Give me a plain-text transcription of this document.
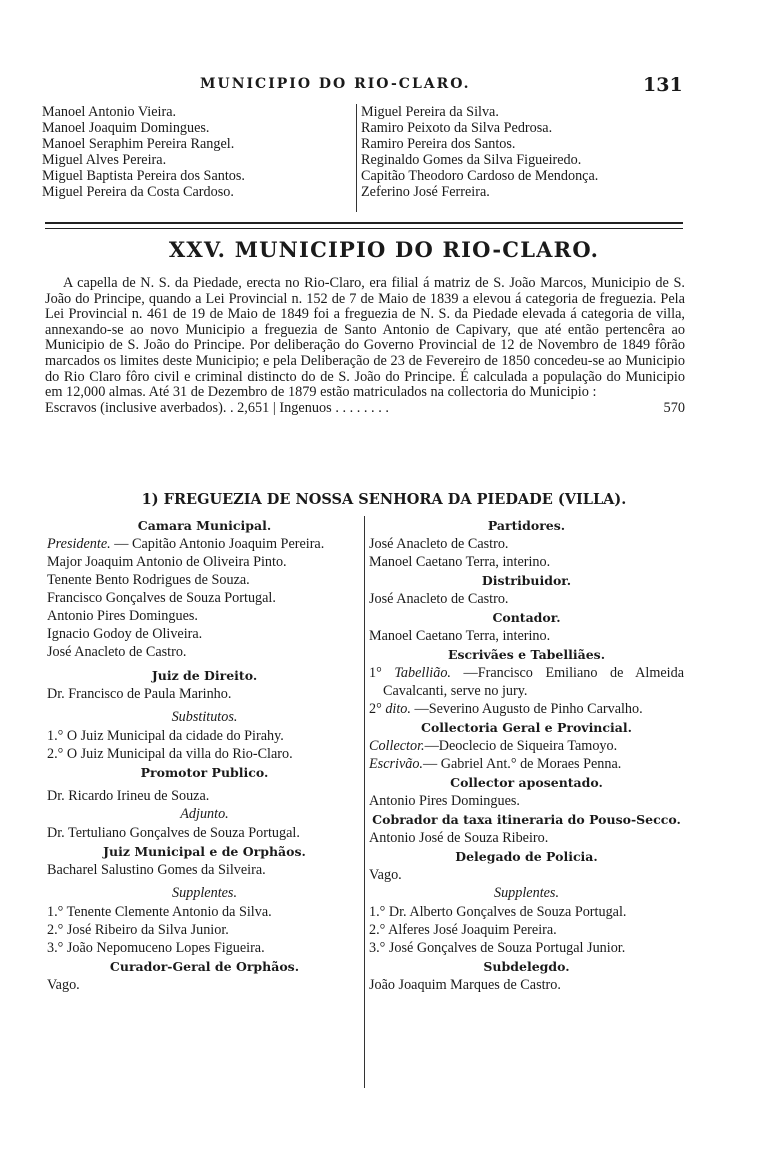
MUNICIPIO DO RIO-CLARO.	131
Manoel Antonio Vieira.
Manoel Joaquim Domingues.
Manoel Seraphim Pereira Rangel.
Miguel Alves Pereira.
Miguel Baptista Pereira dos Santos.
Miguel Pereira da Costa Cardoso.
Miguel Pereira da Silva.
Ramiro Peixoto da Silva Pedrosa.
Ramiro Pereira dos Santos.
Reginaldo Gomes da Silva Figueiredo.
Capitão Theodoro Cardoso de Mendonça.
Zeferino José Ferreira.
XXV. MUNICIPIO DO RIO-CLARO.

A capella de N. S. da Piedade, erecta no Rio-Claro, era filial á matriz de S. João Marcos, Municipio de S. João do Principe, quando a Lei Provincial n. 152 de 7 de Maio de 1839 a elevou á categoria de freguezia. Pela Lei Provincial n. 461 de 19 de Maio de 1849 foi a freguezia de N. S. da Piedade elevada á categoria de villa, annexando-se ao novo Municipio a freguezia de Santo Antonio de Capivary, que até então pertencêra ao Municipio de S. João do Principe. Por deliberação do Governo Provincial de 12 de Novembro de 1849 fôrão marcados os limites deste Municipio; e pela Deliberação de 23 de Fevereiro de 1850 concedeu-se ao Municipio do Rio Claro fôro civil e criminal distincto do de S. João do Principe. É calculada a população do Municipio em 12,000 almas. Até 31 de Dezembro de 1879 estão matriculados na collectoria do Municipio :

Escravos (inclusive averbados). . 2,651 | Ingenuos . . . . . . . .	570
1) FREGUEZIA DE NOSSA SENHORA DA PIEDADE (VILLA).
Camara Municipal.
Presidente. — Capitão Antonio Joaquim Pereira.
Major Joaquim Antonio de Oliveira Pinto.
Tenente Bento Rodrigues de Souza.
Francisco Gonçalves de Souza Portugal.
Antonio Pires Domingues.
Ignacio Godoy de Oliveira.
José Anacleto de Castro.
Juiz de Direito.
Dr. Francisco de Paula Marinho.
Substitutos.
1.° O Juiz Municipal da cidade do Pirahy.
2.° O Juiz Municipal da villa do Rio-Claro.
Promotor Publico.
Dr. Ricardo Irineu de Souza.
Adjunto.
Dr. Tertuliano Gonçalves de Souza Portugal.
Juiz Municipal e de Orphãos.
Bacharel Salustino Gomes da Silveira.
Supplentes.
1.° Tenente Clemente Antonio da Silva.
2.° José Ribeiro da Silva Junior.
3.° João Nepomuceno Lopes Figueira.
Curador-Geral de Orphãos.
Vago.
Partidores.
José Anacleto de Castro.
Manoel Caetano Terra, interino.
Distribuidor.
José Anacleto de Castro.
Contador.
Manoel Caetano Terra, interino.
Escrivães e Tabelliães.
1° Tabellião. —Francisco Emiliano de Almeida Cavalcanti, serve no jury.
2° dito. —Severino Augusto de Pinho Carvalho.
Collectoria Geral e Provincial.
Collector.—Deoclecio de Siqueira Tamoyo.
Escrivão.— Gabriel Ant.° de Moraes Penna.
Collector aposentado.
Antonio Pires Domingues.
Cobrador da taxa itineraria do Pouso-Secco.
Antonio José de Souza Ribeiro.
Delegado de Policia.
Vago.
Supplentes.
1.° Dr. Alberto Gonçalves de Souza Portugal.
2.° Alferes José Joaquim Pereira.
3.° José Gonçalves de Souza Portugal Junior.
Subdelegdo.
João Joaquim Marques de Castro.
